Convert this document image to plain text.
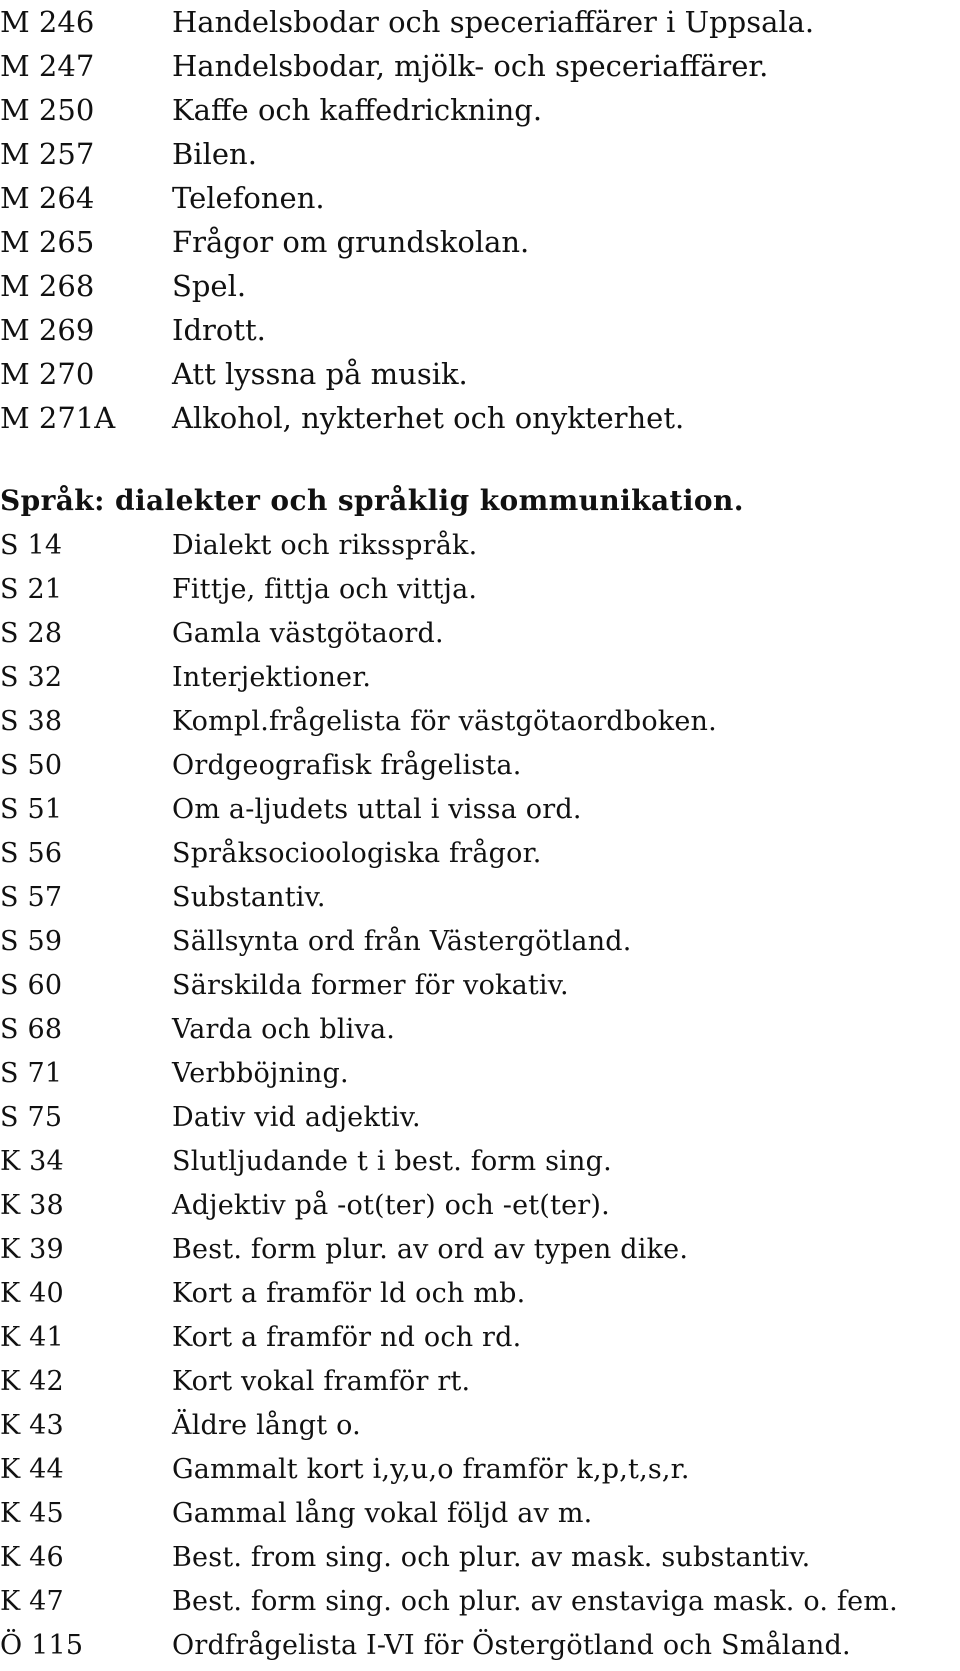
M 246	Handelsbodar och speceriaffärer i Uppsala.
M 247	Handelsbodar, mjölk- och speceriaffärer.
M 250	Kaffe och kaffedrickning.
M 257	Bilen.
M 264	Telefonen.
M 265	Frågor om grundskolan.
M 268	Spel.
M 269	Idrott.
M 270	Att lyssna på musik.
M 271A	Alkohol, nykterhet och onykterhet.
Språk: dialekter och språklig kommunikation.
S 14	Dialekt och riksspråk.
S 21	Fittje, fittja och vittja.
S 28	Gamla västgötaord.
S 32	Interjektioner.
S 38	Kompl.frågelista för västgötaordboken.
S 50	Ordgeografisk frågelista.
S 51	Om a-ljudets uttal i vissa ord.
S 56	Språksocioologiska frågor.
S 57	Substantiv.
S 59	Sällsynta ord från Västergötland.
S 60	Särskilda former för vokativ.
S 68	Varda och bliva.
S 71	Verbböjning.
S 75	Dativ vid adjektiv.
K 34	Slutljudande t i best. form sing.
K 38	Adjektiv på -ot(ter) och -et(ter).
K 39	Best. form plur. av ord av typen dike.
K 40	Kort a framför ld och mb.
K 41	Kort a framför nd och rd.
K 42	Kort vokal framför rt.
K 43	Äldre långt o.
K 44	Gammalt kort i,y,u,o framför k,p,t,s,r.
K 45	Gammal lång vokal följd av m.
K 46	Best. from sing. och plur. av mask. substantiv.
K 47	Best. form sing. och plur. av enstaviga mask. o. fem.
Ö 115	Ordfrågelista I-VI för Östergötland och Småland.
